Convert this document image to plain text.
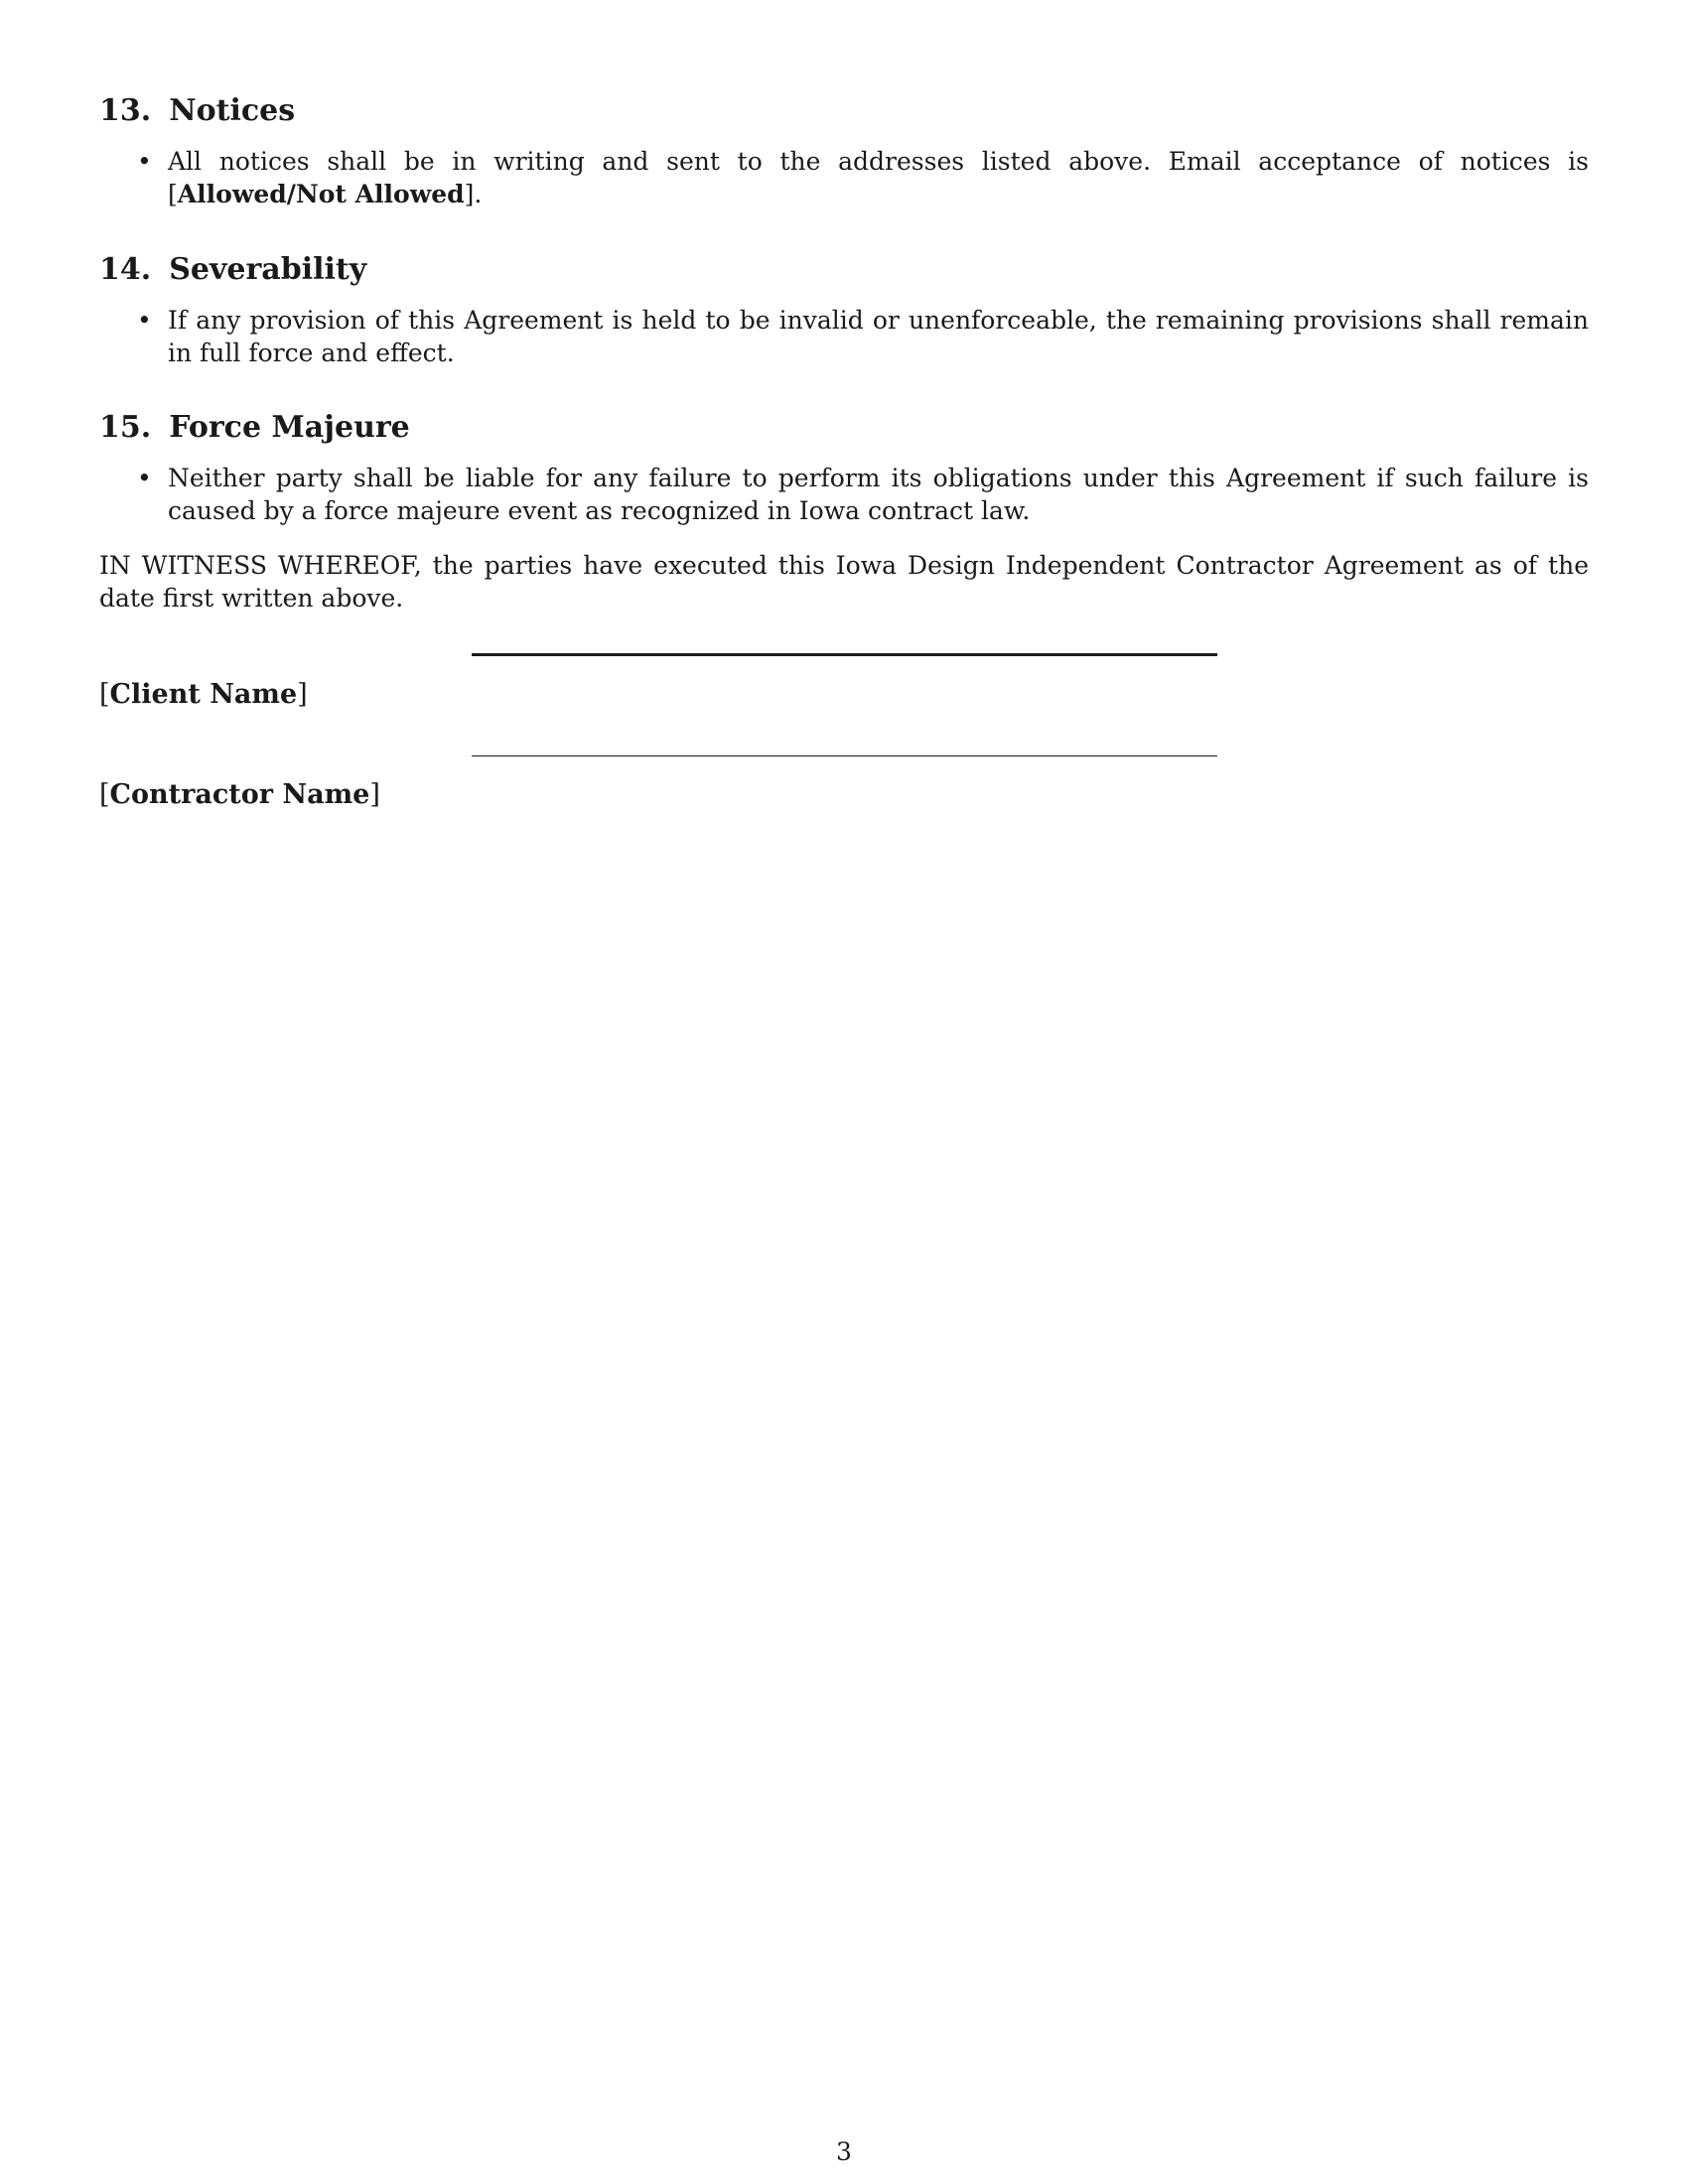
13. Notices
• All notices shall be in writing and sent to the addresses listed above. Email acceptance of notices is [Allowed/Not Allowed].
14. Severability
• If any provision of this Agreement is held to be invalid or unenforceable, the remaining provisions shall remain in full force and effect.
15. Force Majeure
• Neither party shall be liable for any failure to perform its obligations under this Agreement if such failure is caused by a force majeure event as recognized in Iowa contract law.

IN WITNESS WHEREOF, the parties have executed this Iowa Design Independent Contractor Agreement as of the date first written above.

[Client Name]

[Contractor Name]

3
